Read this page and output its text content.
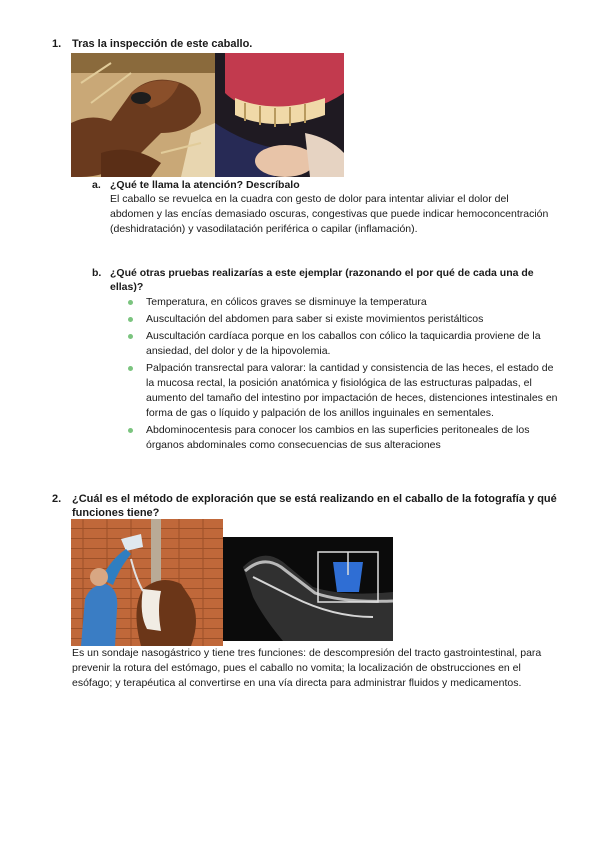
1. Tras la inspección de este caballo.
a. ¿Qué te llama la atención? Descríbalo
El caballo se revuelca en la cuadra con gesto de dolor para intentar aliviar el dolor del abdomen y las encías demasiado oscuras, congestivas que puede indicar hemoconcentración (deshidratación) y vasodilatación periférica o capilar (inflamación).
b. ¿Qué otras pruebas realizarías a este ejemplar (razonando el por qué de cada una de ellas)?
Temperatura, en cólicos graves se disminuye la temperatura
Auscultación del abdomen para saber si existe movimientos peristálticos
Auscultación cardíaca porque en los caballos con cólico la taquicardia proviene de la ansiedad, del dolor y de la hipovolemia.
Palpación transrectal para valorar: la cantidad y consistencia de las heces, el estado de la mucosa rectal, la posición anatómica y fisiológica de las estructuras palpadas, el aumento del tamaño del intestino por impactación de heces, distenciones intestinales en forma de gas o líquido y palpación de los anillos inguinales en sementales.
Abdominocentesis para conocer los cambios en las superficies peritoneales de los órganos abdominales como consecuencias de sus alteraciones
2. ¿Cuál es el método de exploración que se está realizando en el caballo de la fotografía y qué funciones tiene?
Es un sondaje nasogástrico y tiene tres funciones: de descompresión del tracto gastrointestinal, para prevenir la rotura del estómago, pues el caballo no vomita; la localización de obstrucciones en el esófago; y terapéutica al convertirse en una vía directa para administrar fluidos y medicamentos.
